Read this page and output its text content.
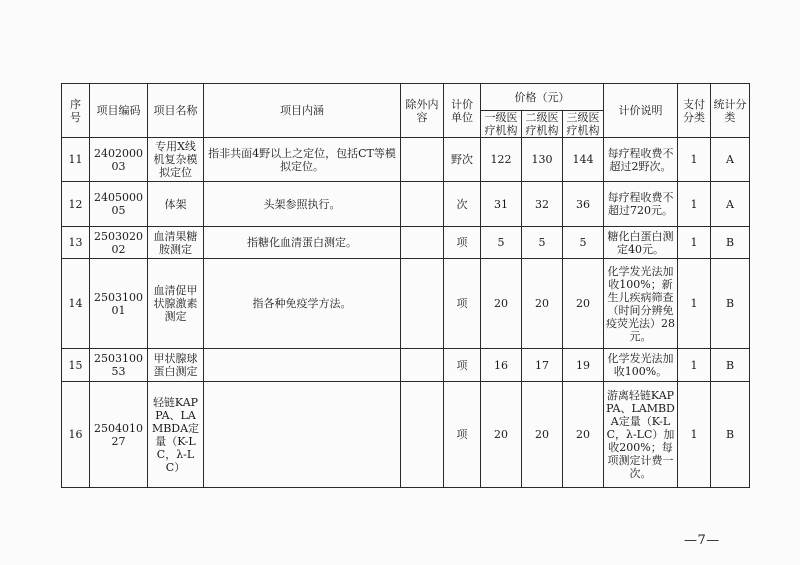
序号	项目编码	项目名称	项目内涵	除外内容	计价单位	价格（元）			计价说明	支付分类	统计分类
						一级医疗机构	二级医疗机构	三级医疗机构			
11	240200003	专用X线机复杂模拟定位	指非共面4野以上之定位，包括CT等模拟定位。		野次	122	130	144	每疗程收费不超过2野次。	1	A
12	240500005	体架	头架参照执行。		次	31	32	36	每疗程收费不超过720元。	1	A
13	250302002	血清果糖胺测定	指糖化血清蛋白测定。		项	5	5	5	糖化白蛋白测定40元。	1	B
14	250310001	血清促甲状腺激素测定	指各种免疫学方法。		项	20	20	20	化学发光法加收100%；新生儿疾病筛查（时间分辨免疫荧光法）28元。	1	B
15	250310053	甲状腺球蛋白测定			项	16	17	19	化学发光法加收100%。	1	B
16	250401027	轻链KAPPA、LAMBDA定量（K-LC，λ-LC）			项	20	20	20	游离轻链KAPPA、LAMBDA定量（K-LC，λ-LC）加收200%；每项测定计费一次。	1	B
—7—
